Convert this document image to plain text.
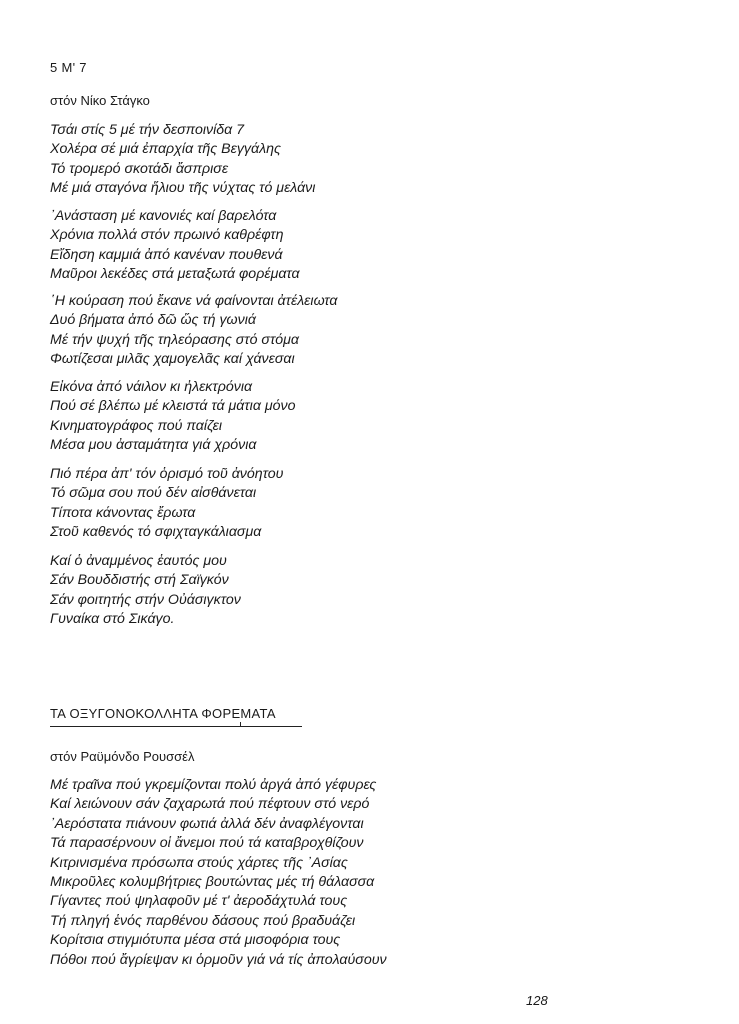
5 Μ' 7
στόν Νίκο Στάγκο
Τσάι στίς 5 μέ τήν δεσποινίδα 7
Χολέρα σέ μιά ἐπαρχία τῆς Βεγγάλης
Τό τρομερό σκοτάδι ἄσπρισε
Μέ μιά σταγόνα ἥλιου τῆς νύχτας τό μελάνι
᾿Ανάσταση μέ κανονιές καί βαρελότα
Χρόνια πολλά στόν πρωινό καθρέφτη
Εἴδηση καμμιά ἀπό κανέναν πουθενά
Μαῦροι λεκέδες στά μεταξωτά φορέματα
῾Η κούραση πού ἔκανε νά φαίνονται ἀτέλειωτα
Δυό βήματα ἀπό δῶ ὥς τή γωνιά
Μέ τήν ψυχή τῆς τηλεόρασης στό στόμα
Φωτίζεσαι μιλᾶς χαμογελᾶς καί χάνεσαι
Εἰκόνα ἀπό νάιλον κι ἠλεκτρόνια
Πού σέ βλέπω μέ κλειστά τά μάτια μόνο
Κινηματογράφος πού παίζει
Μέσα μου ἀσταμάτητα γιά χρόνια
Πιό πέρα ἀπ' τόν ὁρισμό τοῦ ἀνόητου
Τό σῶμα σου πού δέν αἰσθάνεται
Τίποτα κάνοντας ἔρωτα
Στοῦ καθενός τό σφιχταγκάλιασμα
Καί ὁ ἀναμμένος ἑαυτός μου
Σάν Βουδδιστής στή Σαϊγκόν
Σάν φοιτητής στήν Οὐάσιγκτον
Γυναίκα στό Σικάγο.
ΤΑ ΟΞΥΓΟΝΟΚΟΛΛΗΤΑ ΦΟΡΕΜΑΤΑ
στόν Ραϋμόνδο Ρουσσέλ
Μέ τραῖνα πού γκρεμίζονται πολύ ἀργά ἀπό γέφυρες
Καί λειώνουν σάν ζαχαρωτά πού πέφτουν στό νερό
᾿Αερόστατα πιάνουν φωτιά ἀλλά δέν ἀναφλέγονται
Τά παρασέρνουν οἱ ἄνεμοι πού τά καταβροχθίζουν
Κιτρινισμένα πρόσωπα στούς χάρτες τῆς ᾿Ασίας
Μικροῦλες κολυμβήτριες βουτώντας μές τή θάλασσα
Γίγαντες πού ψηλαφοῦν μέ τ' ἀεροδάχτυλά τους
Τή πληγή ἑνός παρθένου δάσους πού βραδυάζει
Κορίτσια στιγμιότυπα μέσα στά μισοφόρια τους
Πόθοι πού ἄγρίεψαν κι ὁρμοῦν γιά νά τίς ἀπολαύσουν
128
